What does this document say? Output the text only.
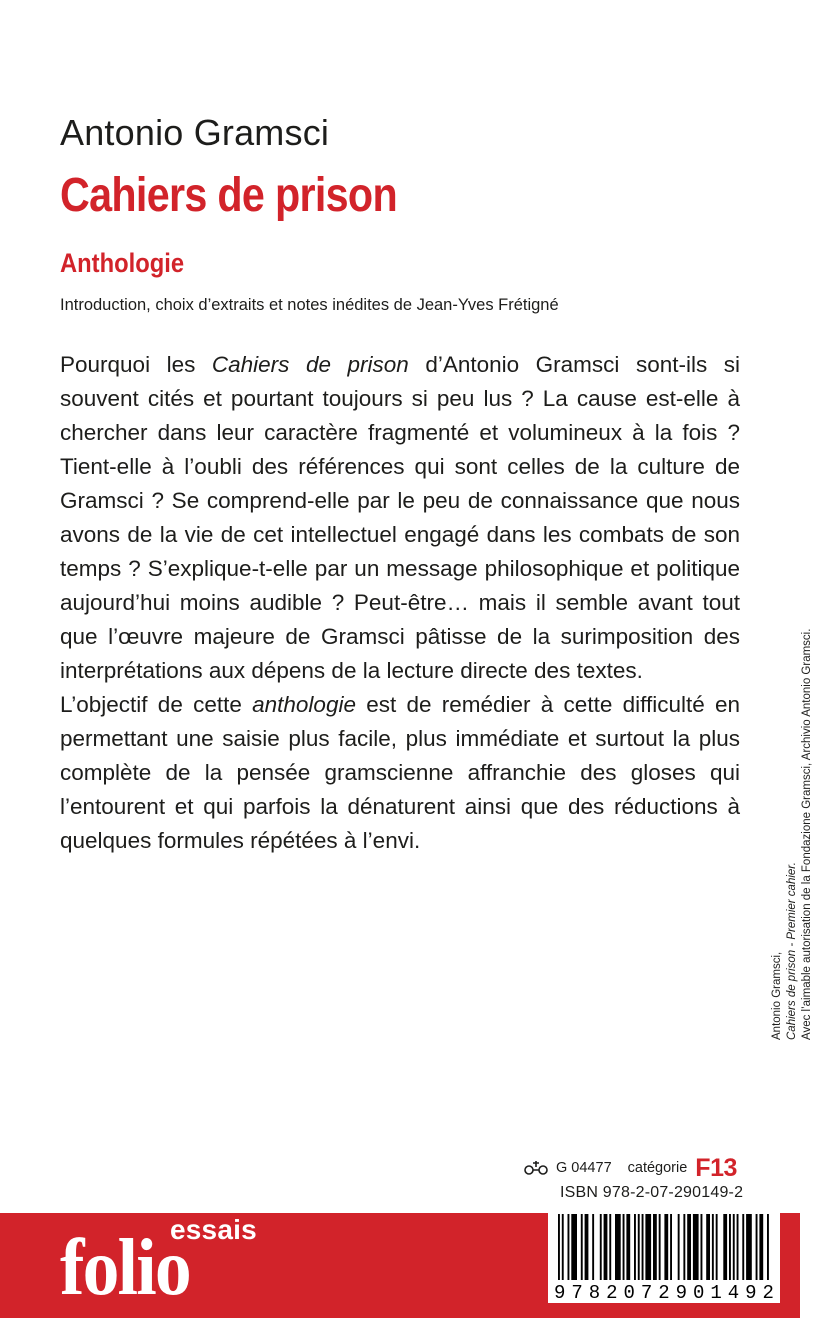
Antonio Gramsci
Cahiers de prison
Anthologie
Introduction, choix d’extraits et notes inédites de Jean-Yves Frétigné

Pourquoi les Cahiers de prison d’Antonio Gramsci sont-ils si souvent cités et pourtant toujours si peu lus ? La cause est-elle à chercher dans leur caractère fragmenté et volumineux à la fois ? Tient-elle à l’oubli des références qui sont celles de la culture de Gramsci ? Se comprend-elle par le peu de connaissance que nous avons de la vie de cet intellectuel engagé dans les combats de son temps ? S’explique-t-elle par un message philosophique et politique aujourd’hui moins audible ? Peut-être… mais il semble avant tout que l’œuvre majeure de Gramsci pâtisse de la surimposition des interprétations aux dépens de la lecture directe des textes.

L’objectif de cette anthologie est de remédier à cette difficulté en permettant une saisie plus facile, plus immédiate et surtout la plus complète de la pensée gramscienne affranchie des gloses qui l’entourent et qui parfois la dénaturent ainsi que des réductions à quelques formules répétées à l’envi.

Antonio Gramsci, Cahiers de prison - Premier cahier. Avec l’aimable autorisation de la Fondazione Gramsci, Archivio Antonio Gramsci.
G 04477 catégorie F13
ISBN 978-2-07-290149-2
folio
essais
9 7 8 2 0 7 2 9 0 1 4 9 2
